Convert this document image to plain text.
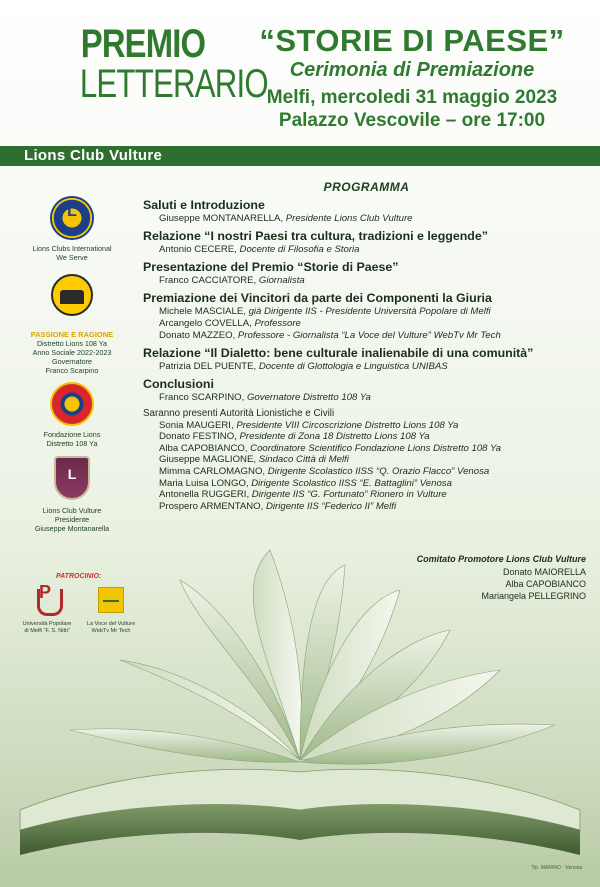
PREMIO
LETTERARIO
“STORIE DI PAESE”
Cerimonia di Premiazione
Melfi, mercoledi 31 maggio 2023
Palazzo Vescovile – ore 17:00
Lions Club Vulture
L
Lions Clubs International
We Serve
PASSIONE E RAGIONE
Distretto Lions 108 Ya
Anno Sociale 2022-2023
Governatore
Franco Scarpino
Fondazione Lions
Distretto 108 Ya
L
Lions Club Vulture
Presidente
Giuseppe Montanarella
PATROCINIO:
P
Università Popolare
di Melfi “F. S. Nitti”
La Voce del Vulture
WebTv Mr Tech
PROGRAMMA
Saluti e Introduzione
Giuseppe MONTANARELLA, Presidente Lions Club Vulture
Relazione “I nostri Paesi tra cultura, tradizioni e leggende”
Antonio CECERE, Docente di Filosofia e Storia
Presentazione del Premio “Storie di Paese”
Franco CACCIATORE, Giornalista
Premiazione dei Vincitori da parte dei Componenti la Giuria
Michele MASCIALE, già Dirigente IIS - Presidente Università Popolare di Melfi
Arcangelo COVELLA, Professore
Donato MAZZEO, Professore - Giornalista “La Voce del Vulture” WebTv Mr Tech
Relazione “Il Dialetto: bene culturale inalienabile di una comunità”
Patrizia DEL PUENTE, Docente di Glottologia e Linguistica UNIBAS
Conclusioni
Franco SCARPINO, Governatore Distretto 108 Ya
Saranno presenti Autorità Lionistiche e Civili
Sonia MAUGERI, Presidente VIII Circoscrizione Distretto Lions 108 Ya
Donato FESTINO, Presidente di Zona 18 Distretto Lions 108 Ya
Alba CAPOBIANCO, Coordinatore Scientifico Fondazione Lions Distretto 108 Ya
Giuseppe MAGLIONE, Sindaco Città di Melfi
Mimma CARLOMAGNO, Dirigente Scolastico IISS “Q. Orazio Flacco” Venosa
Maria Luisa LONGO, Dirigente Scolastico IISS “E. Battaglini” Venosa
Antonella RUGGERI, Dirigente IIS “G. Fortunato” Rionero in Vulture
Prospero ARMENTANO, Dirigente IIS “Federico II” Melfi
Comitato Promotore Lions Club Vulture
Donato MAIORELLA
Alba CAPOBIANCO
Mariangela PELLEGRINO
Tip. MARINO · Venosa
